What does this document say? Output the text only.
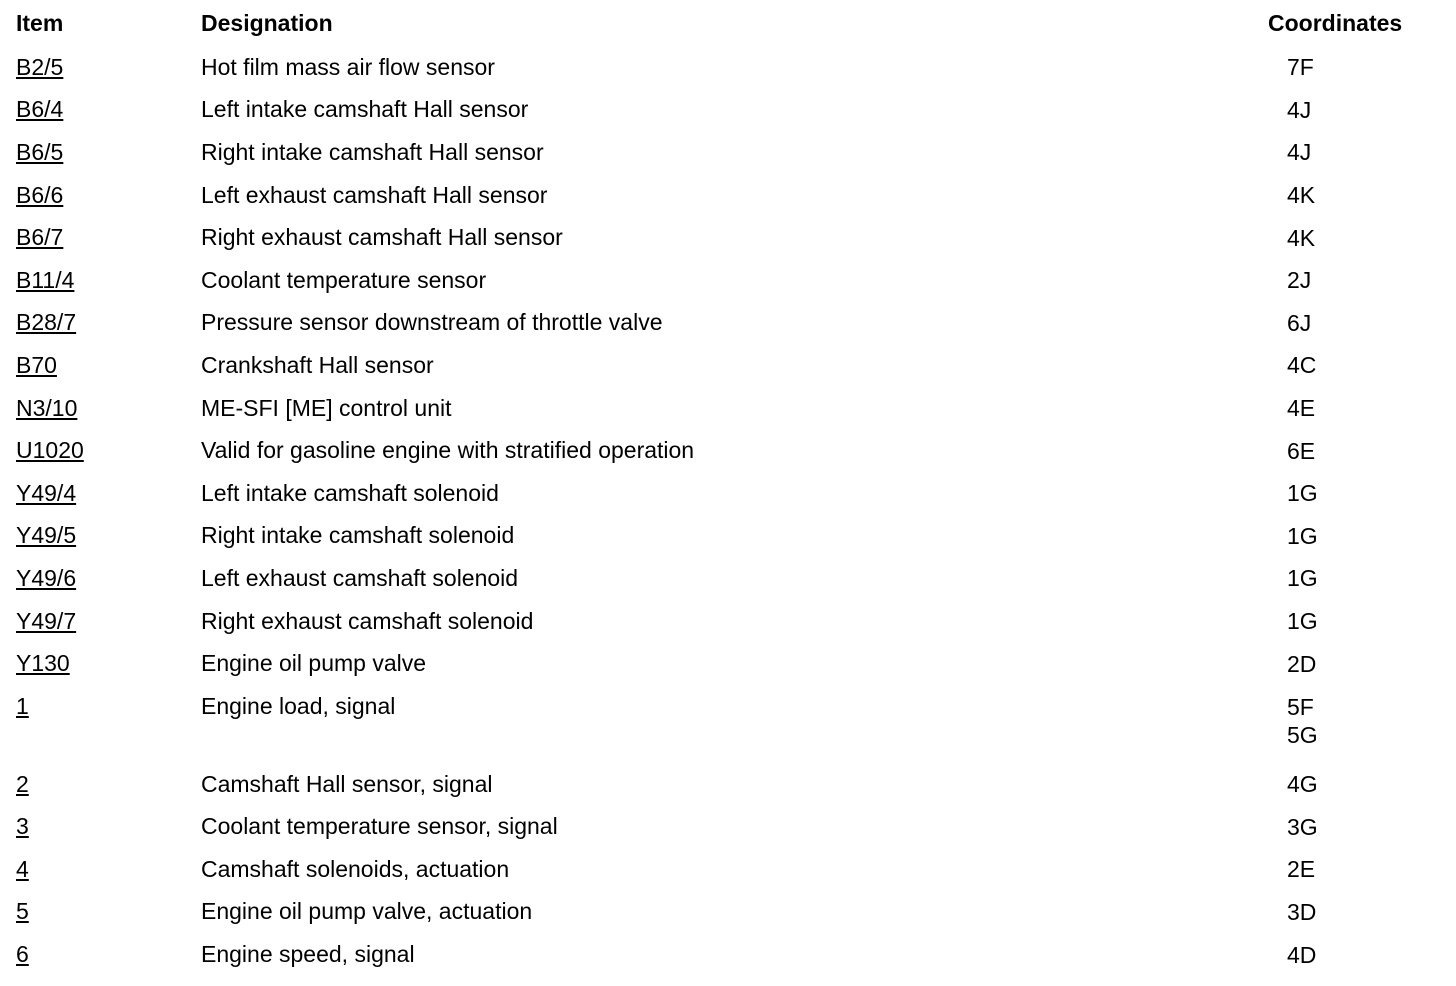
Item	Designation	Coordinates
B2/5	Hot film mass air flow sensor	7F

B6/4	Left intake camshaft Hall sensor	4J

B6/5	Right intake camshaft Hall sensor	4J

B6/6	Left exhaust camshaft Hall sensor	4K

B6/7	Right exhaust camshaft Hall sensor	4K

B11/4	Coolant temperature sensor	2J

B28/7	Pressure sensor downstream of throttle valve	6J

B70	Crankshaft Hall sensor	4C

N3/10	ME-SFI [ME] control unit	4E

U1020	Valid for gasoline engine with stratified operation	6E

Y49/4	Left intake camshaft solenoid	1G

Y49/5	Right intake camshaft solenoid	1G

Y49/6	Left exhaust camshaft solenoid	1G

Y49/7	Right exhaust camshaft solenoid	1G

Y130	Engine oil pump valve	2D

1	Engine load, signal	5F
5G

2	Camshaft Hall sensor, signal	4G

3	Coolant temperature sensor, signal	3G

4	Camshaft solenoids, actuation	2E

5	Engine oil pump valve, actuation	3D

6	Engine speed, signal	4D
